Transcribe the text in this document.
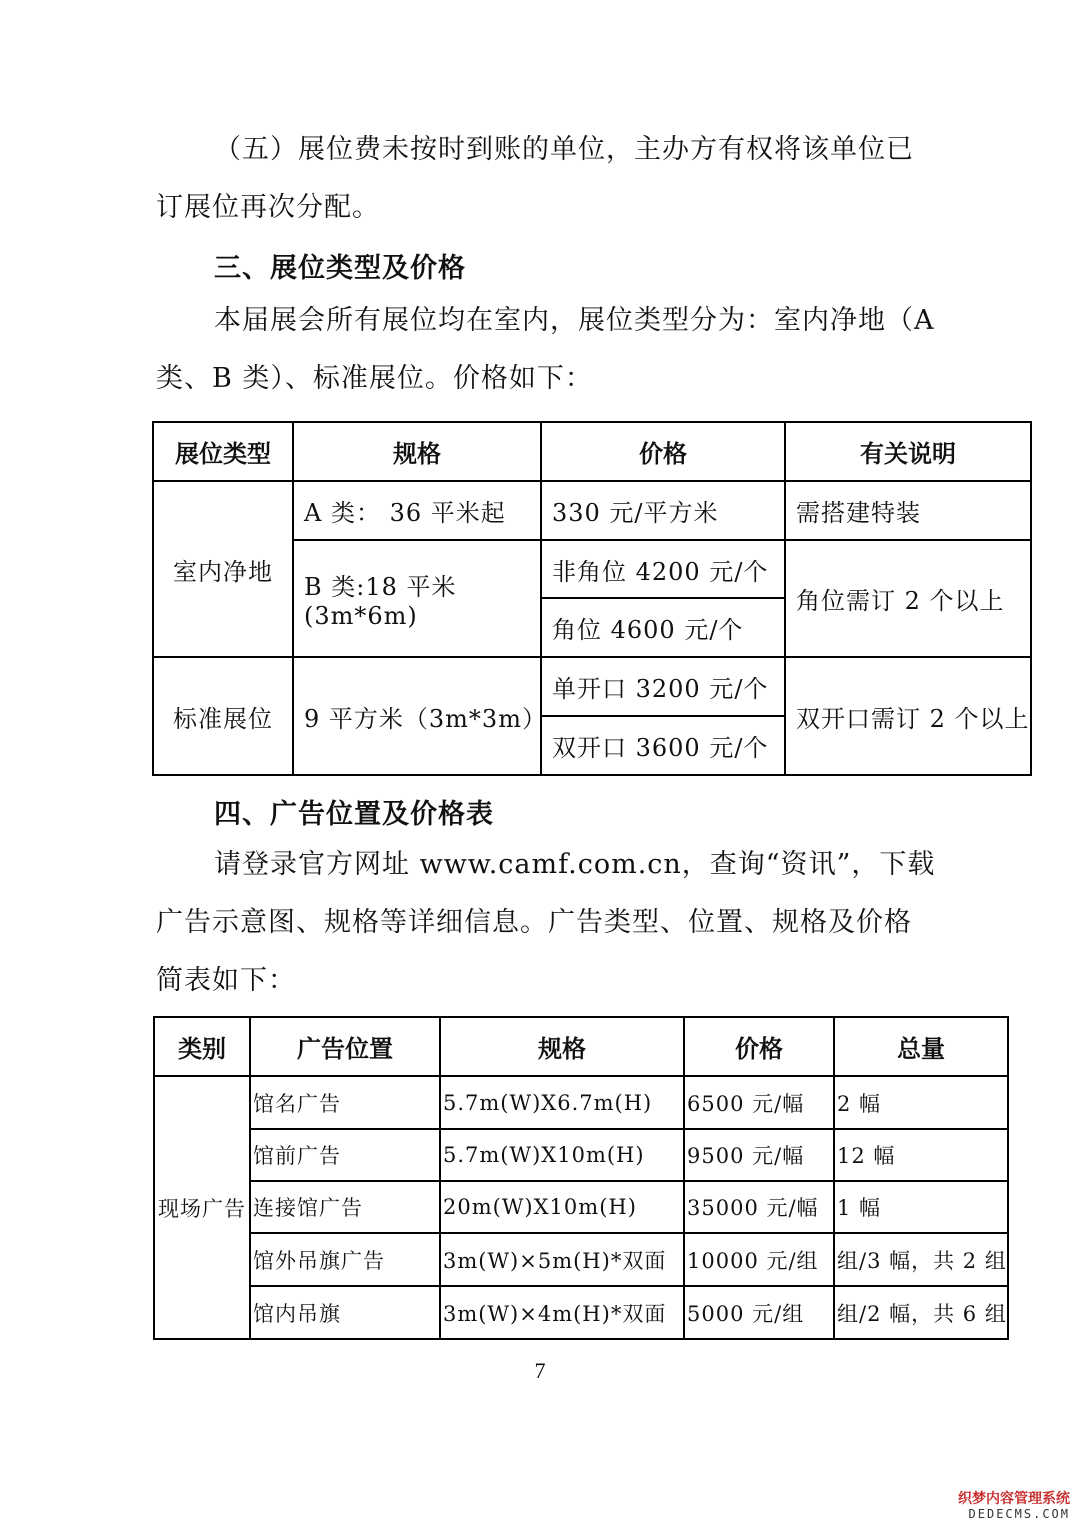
（五）展位费未按时到账的单位，主办方有权将该单位已
订展位再次分配。

三、展位类型及价格

本届展会所有展位均在室内，展位类型分为：室内净地（A
类、B 类）、标准展位。价格如下：

展位类型	规格	价格	有关说明
室内净地	A 类： 36 平米起	330 元/平方米	需搭建特装
	B 类:18 平米(3m*6m)	非角位 4200 元/个	角位需订 2 个以上
		角位 4600 元/个	
标准展位	9 平方米（3m*3m）	单开口 3200 元/个	双开口需订 2 个以上
		双开口 3600 元/个	
四、广告位置及价格表

请登录官方网址 www.camf.com.cn，查询“资讯”，下载
广告示意图、规格等详细信息。广告类型、位置、规格及价格
简表如下：

类别	广告位置	规格	价格	总量
现场广告	馆名广告	5.7m(W)X6.7m(H)	6500 元/幅	2 幅
	馆前广告	5.7m(W)X10m(H)	9500 元/幅	12 幅
	连接馆广告	20m(W)X10m(H)	35000 元/幅	1 幅
	馆外吊旗广告	3m(W)×5m(H)*双面	10000 元/组	组/3 幅，共 2 组
	馆内吊旗	3m(W)×4m(H)*双面	5000 元/组	组/2 幅，共 6 组
7
织梦内容管理系统
DEDECMS.COM
